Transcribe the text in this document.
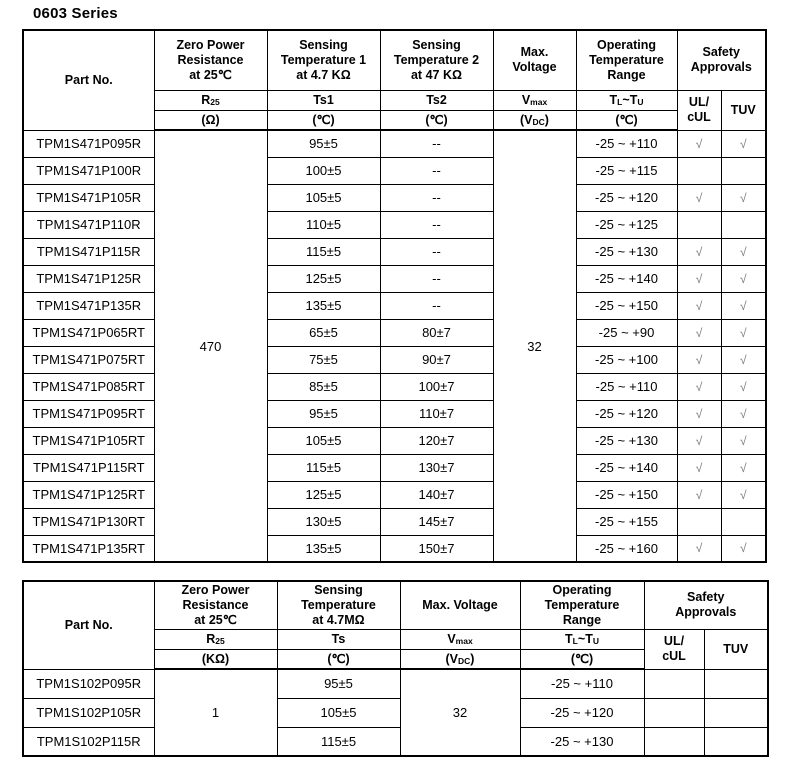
0603 Series
Part No.	Zero Power
Resistance
at 25℃	Sensing
Temperature 1
at 4.7 KΩ	Sensing
Temperature 2
at 47 KΩ	Max.
Voltage	Operating
Temperature
Range	Safety
Approvals	

	R25	Ts1	Ts2	Vmax	TL~TU	UL/
cUL	TUV
	(Ω)	(℃)	(℃)	(VDC)	(℃)		
TPM1S471P095R	470	95±5	--	32	-25 ~ +110	√	√
TPM1S471P100R		100±5	--		-25 ~ +115		
TPM1S471P105R		105±5	--		-25 ~ +120	√	√
TPM1S471P110R		110±5	--		-25 ~ +125		
TPM1S471P115R		115±5	--		-25 ~ +130	√	√
TPM1S471P125R		125±5	--		-25 ~ +140	√	√
TPM1S471P135R		135±5	--		-25 ~ +150	√	√
TPM1S471P065RT		65±5	80±7		-25 ~ +90	√	√
TPM1S471P075RT		75±5	90±7		-25 ~ +100	√	√
TPM1S471P085RT		85±5	100±7		-25 ~ +110	√	√
TPM1S471P095RT		95±5	110±7		-25 ~ +120	√	√
TPM1S471P105RT		105±5	120±7		-25 ~ +130	√	√
TPM1S471P115RT		115±5	130±7		-25 ~ +140	√	√
TPM1S471P125RT		125±5	140±7		-25 ~ +150	√	√
TPM1S471P130RT		130±5	145±7		-25 ~ +155		
TPM1S471P135RT		135±5	150±7		-25 ~ +160	√	√
Part No.	Zero Power
Resistance
at 25℃	Sensing
Temperature
at 4.7MΩ	Max. Voltage	Operating
Temperature
Range	Safety
Approvals	

	R25	Ts	Vmax	TL~TU	UL/
cUL	TUV
	(KΩ)	(℃)	(VDC)	(℃)		
TPM1S102P095R	1	95±5	32	-25 ~ +110		
TPM1S102P105R		105±5		-25 ~ +120		
TPM1S102P115R		115±5		-25 ~ +130		
